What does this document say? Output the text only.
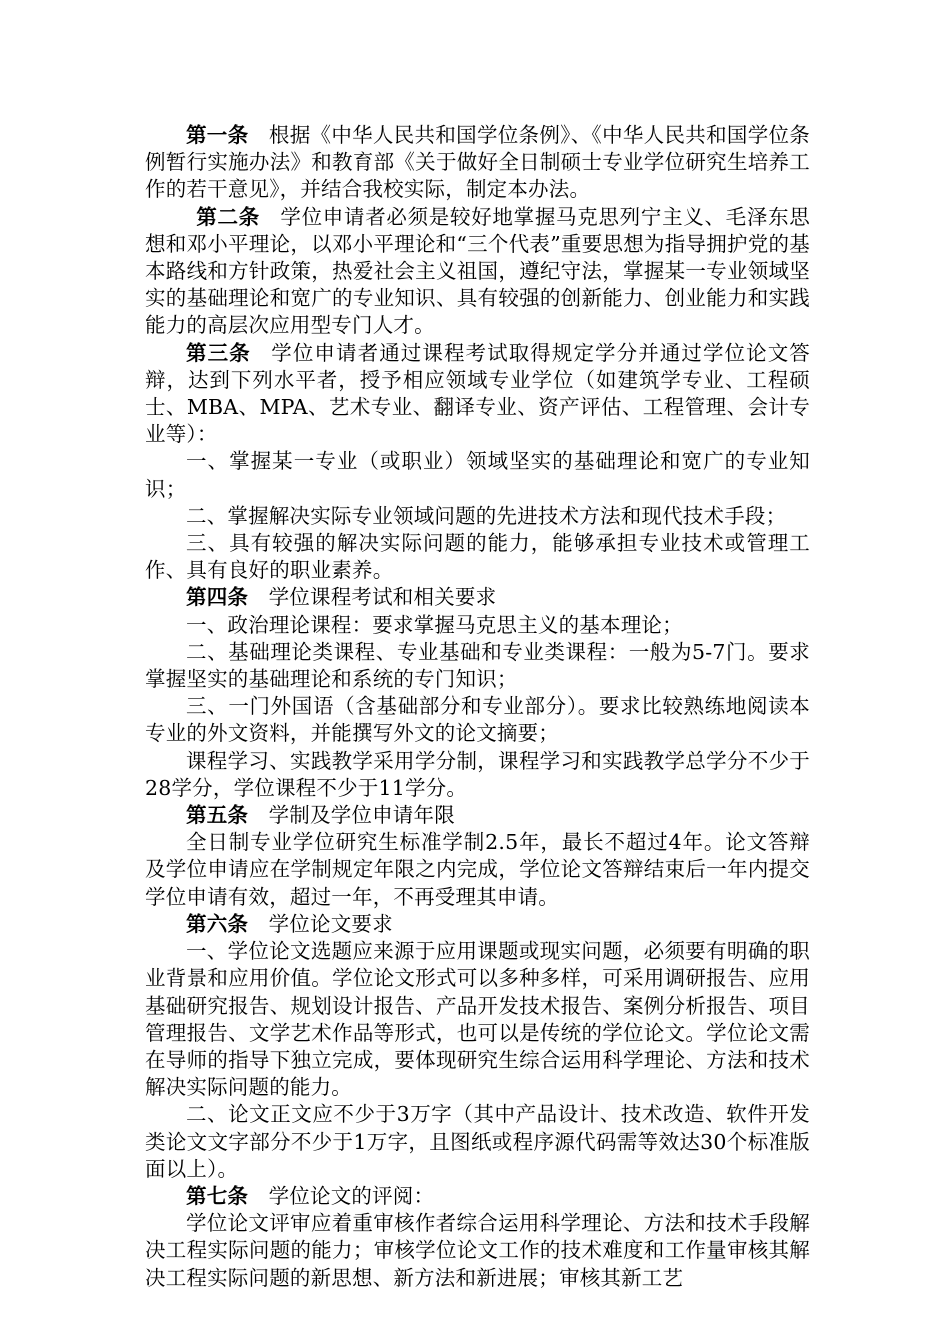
第一条 根据《中华人民共和国学位条例》、《中华人民共和国学位条例暂行实施办法》和教育部《关于做好全日制硕士专业学位研究生培养工作的若干意见》，并结合我校实际，制定本办法。

第二条 学位申请者必须是较好地掌握马克思列宁主义、毛泽东思想和邓小平理论，以邓小平理论和“三个代表”重要思想为指导拥护党的基本路线和方针政策，热爱社会主义祖国，遵纪守法，掌握某一专业领域坚实的基础理论和宽广的专业知识、具有较强的创新能力、创业能力和实践能力的高层次应用型专门人才。

第三条 学位申请者通过课程考试取得规定学分并通过学位论文答辩，达到下列水平者，授予相应领域专业学位（如建筑学专业、工程硕士、MBA、MPA、艺术专业、翻译专业、资产评估、工程管理、会计专业等）：

一、掌握某一专业（或职业）领域坚实的基础理论和宽广的专业知识；

二、掌握解决实际专业领域问题的先进技术方法和现代技术手段；

三、具有较强的解决实际问题的能力，能够承担专业技术或管理工作、具有良好的职业素养。

第四条 学位课程考试和相关要求

一、政治理论课程：要求掌握马克思主义的基本理论；

二、基础理论类课程、专业基础和专业类课程：一般为5-7门。要求掌握坚实的基础理论和系统的专门知识；

三、一门外国语（含基础部分和专业部分）。要求比较熟练地阅读本专业的外文资料，并能撰写外文的论文摘要；

课程学习、实践教学采用学分制，课程学习和实践教学总学分不少于28学分，学位课程不少于11学分。

第五条 学制及学位申请年限

全日制专业学位研究生标准学制2.5年，最长不超过4年。论文答辩及学位申请应在学制规定年限之内完成，学位论文答辩结束后一年内提交学位申请有效，超过一年，不再受理其申请。

第六条 学位论文要求

一、学位论文选题应来源于应用课题或现实问题，必须要有明确的职业背景和应用价值。学位论文形式可以多种多样，可采用调研报告、应用基础研究报告、规划设计报告、产品开发技术报告、案例分析报告、项目管理报告、文学艺术作品等形式，也可以是传统的学位论文。学位论文需在导师的指导下独立完成，要体现研究生综合运用科学理论、方法和技术解决实际问题的能力。

二、论文正文应不少于3万字（其中产品设计、技术改造、软件开发类论文文字部分不少于1万字，且图纸或程序源代码需等效达30个标准版面以上）。

第七条 学位论文的评阅：

学位论文评审应着重审核作者综合运用科学理论、方法和技术手段解决工程实际问题的能力；审核学位论文工作的技术难度和工作量审核其解决工程实际问题的新思想、新方法和新进展；审核其新工艺
